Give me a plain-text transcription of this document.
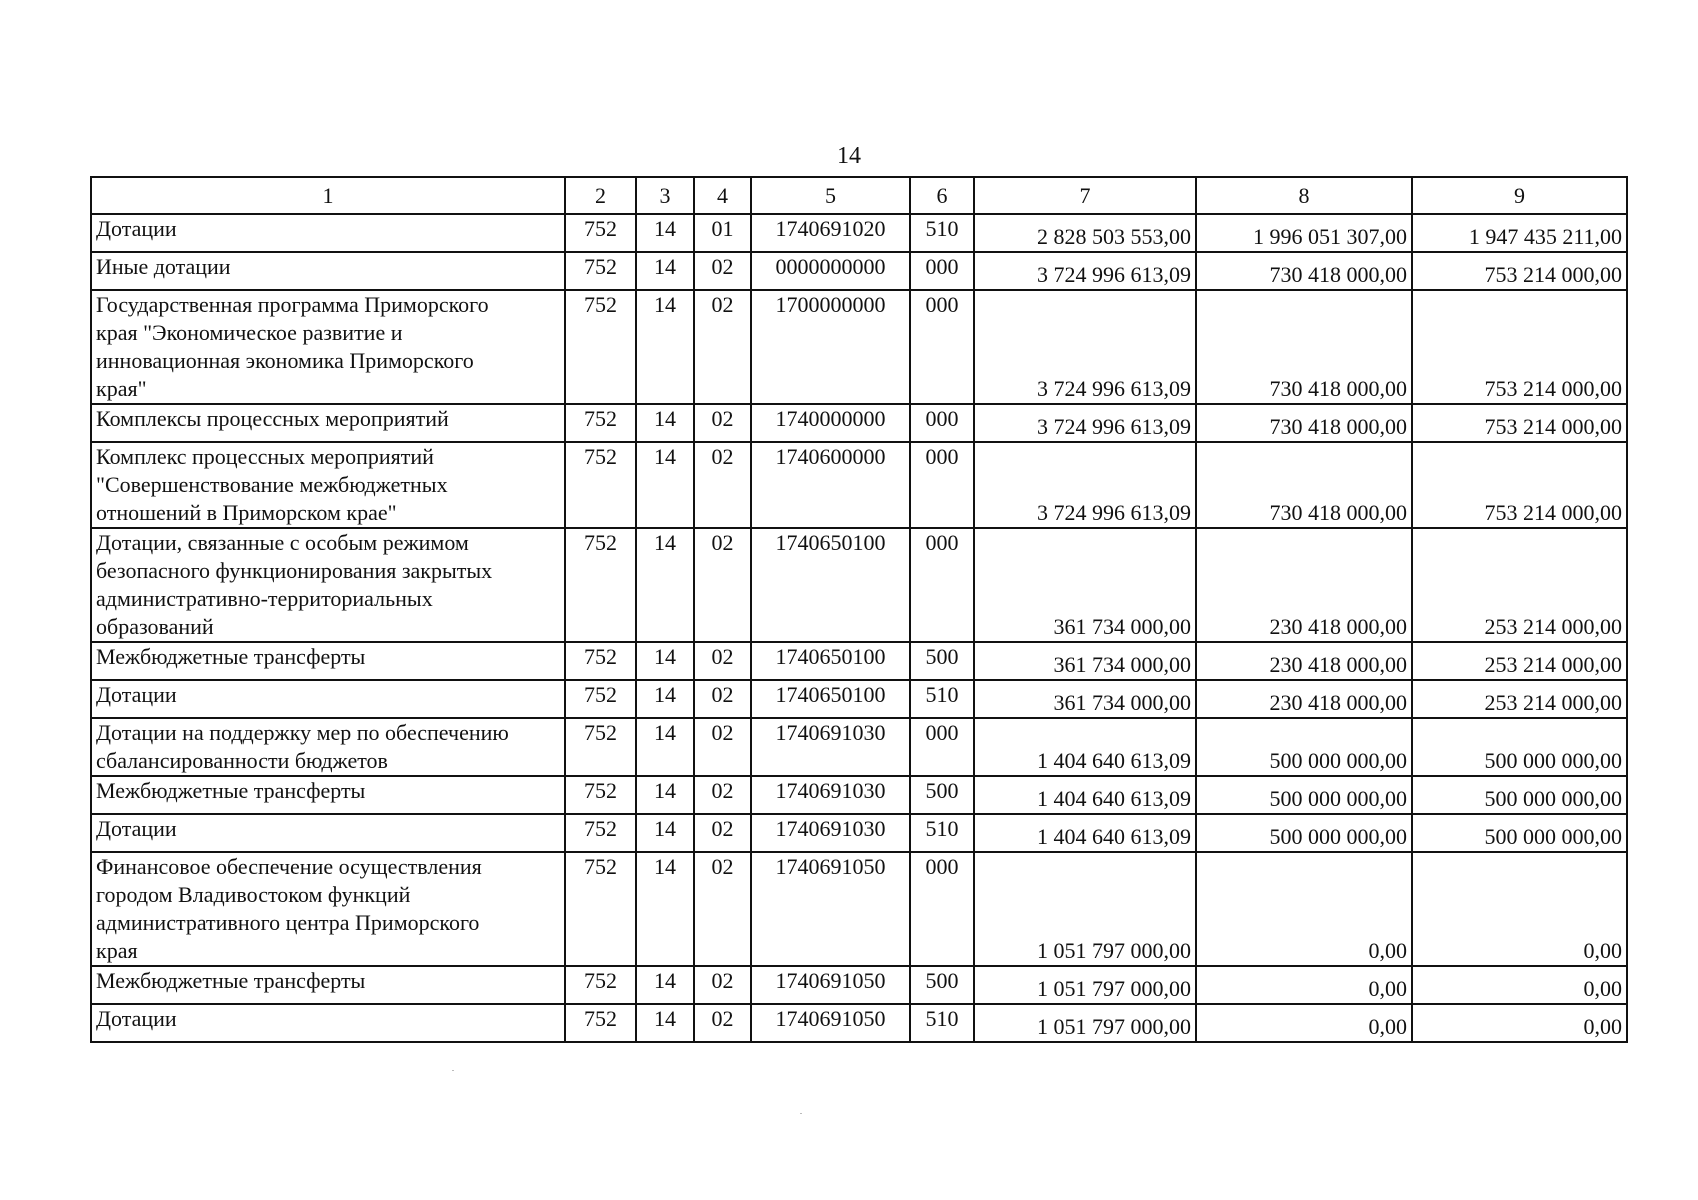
14
1	2	3	4	5	6	7	8	9
Дотации	752	14	01	1740691020	510	2 828 503 553,00	1 996 051 307,00	1 947 435 211,00
Иные дотации	752	14	02	0000000000	000	3 724 996 613,09	730 418 000,00	753 214 000,00
Государственная программа Приморского
края "Экономическое развитие и
инновационная экономика Приморского
края"	752	14	02	1700000000	000	3 724 996 613,09	730 418 000,00	753 214 000,00
Комплексы процессных мероприятий	752	14	02	1740000000	000	3 724 996 613,09	730 418 000,00	753 214 000,00
Комплекс процессных мероприятий
"Совершенствование межбюджетных
отношений в Приморском крае"	752	14	02	1740600000	000	3 724 996 613,09	730 418 000,00	753 214 000,00
Дотации, связанные с особым режимом
безопасного функционирования закрытых
административно-территориальных
образований	752	14	02	1740650100	000	361 734 000,00	230 418 000,00	253 214 000,00
Межбюджетные трансферты	752	14	02	1740650100	500	361 734 000,00	230 418 000,00	253 214 000,00
Дотации	752	14	02	1740650100	510	361 734 000,00	230 418 000,00	253 214 000,00
Дотации на поддержку мер по обеспечению
сбалансированности бюджетов	752	14	02	1740691030	000	1 404 640 613,09	500 000 000,00	500 000 000,00
Межбюджетные трансферты	752	14	02	1740691030	500	1 404 640 613,09	500 000 000,00	500 000 000,00
Дотации	752	14	02	1740691030	510	1 404 640 613,09	500 000 000,00	500 000 000,00
Финансовое обеспечение осуществления
городом Владивостоком функций
административного центра Приморского
края	752	14	02	1740691050	000	1 051 797 000,00	0,00	0,00
Межбюджетные трансферты	752	14	02	1740691050	500	1 051 797 000,00	0,00	0,00
Дотации	752	14	02	1740691050	510	1 051 797 000,00	0,00	0,00
